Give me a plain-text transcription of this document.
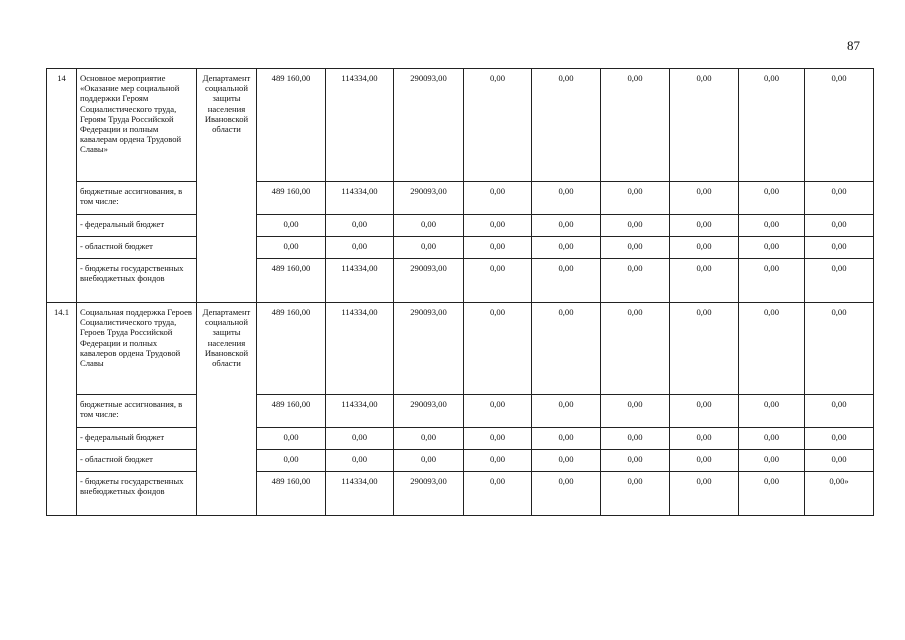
87
14	Основное мероприятие «Оказание мер социальной поддержки Героям Социалистического труда, Героям Труда Российской Федерации и полным кавалерам ордена Трудовой Славы»	Департамент социальной защиты населения Ивановской области	489 160,00	114334,00	290093,00	0,00	0,00	0,00	0,00	0,00	0,00
	бюджетные ассигнования, в том числе:		489 160,00	114334,00	290093,00	0,00	0,00	0,00	0,00	0,00	0,00
	- федеральный бюджет		0,00	0,00	0,00	0,00	0,00	0,00	0,00	0,00	0,00
	- областной бюджет		0,00	0,00	0,00	0,00	0,00	0,00	0,00	0,00	0,00
	- бюджеты государственных внебюджетных фондов		489 160,00	114334,00	290093,00	0,00	0,00	0,00	0,00	0,00	0,00
14.1	Социальная поддержка Героев Социалистического труда, Героев Труда Российской Федерации и полных кавалеров ордена Трудовой Славы	Департамент социальной защиты населения Ивановской области	489 160,00	114334,00	290093,00	0,00	0,00	0,00	0,00	0,00	0,00
	бюджетные ассигнования, в том числе:		489 160,00	114334,00	290093,00	0,00	0,00	0,00	0,00	0,00	0,00
	- федеральный бюджет		0,00	0,00	0,00	0,00	0,00	0,00	0,00	0,00	0,00
	- областной бюджет		0,00	0,00	0,00	0,00	0,00	0,00	0,00	0,00	0,00
	- бюджеты государственных внебюджетных фондов		489 160,00	114334,00	290093,00	0,00	0,00	0,00	0,00	0,00	0,00»
